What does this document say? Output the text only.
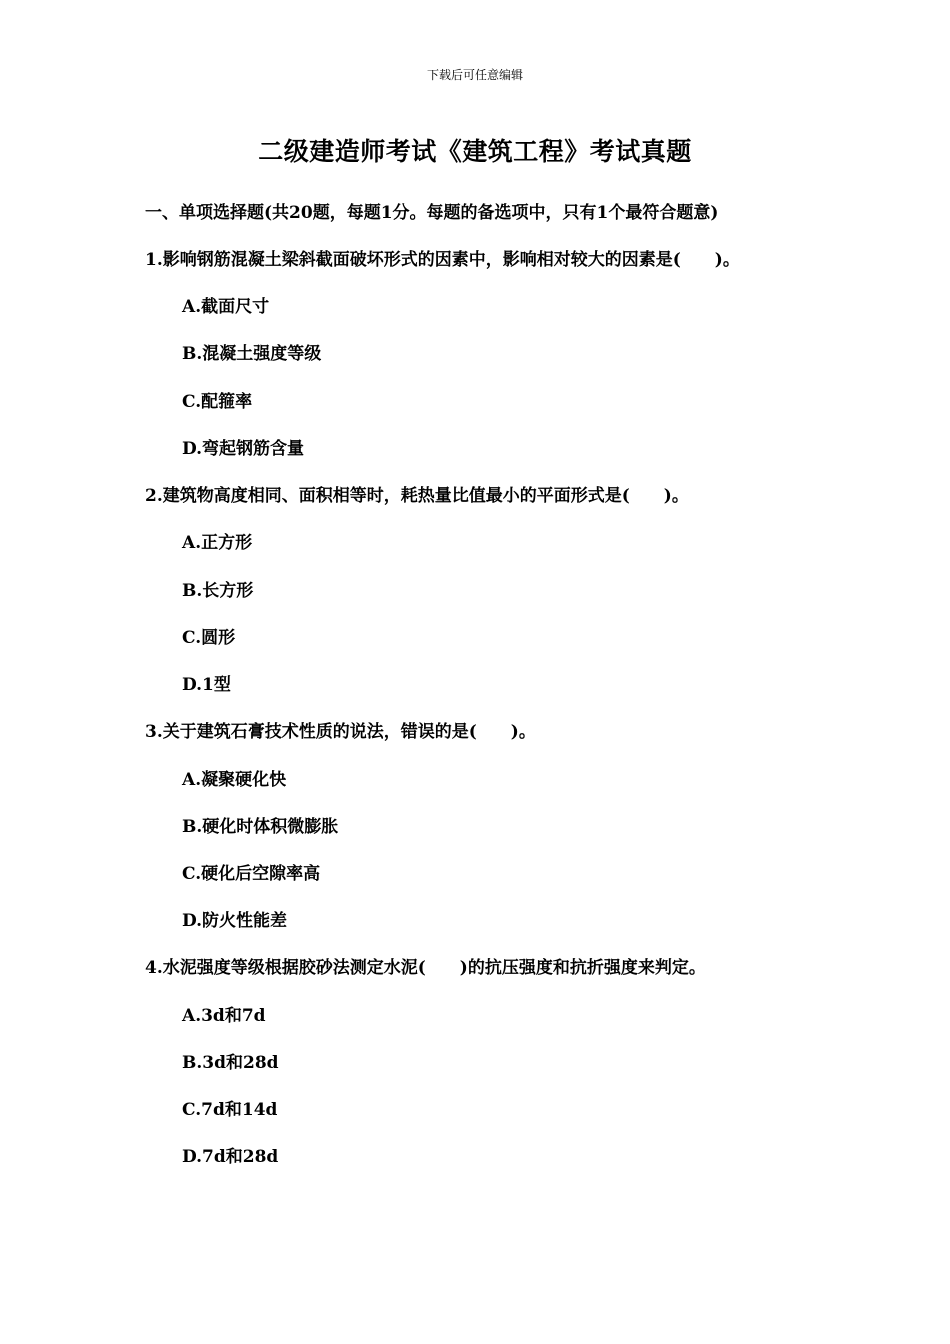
下载后可任意编辑
二级建造师考试《建筑工程》考试真题
一、单项选择题(共20题，每题1分。每题的备选项中，只有1个最符合题意)
1.影响钢筋混凝土梁斜截面破坏形式的因素中，影响相对较大的因素是(　　)。
A.截面尺寸
B.混凝土强度等级
C.配箍率
D.弯起钢筋含量
2.建筑物高度相同、面积相等时，耗热量比值最小的平面形式是(　　)。
A.正方形
B.长方形
C.圆形
D.1型
3.关于建筑石膏技术性质的说法，错误的是(　　)。
A.凝聚硬化快
B.硬化时体积微膨胀
C.硬化后空隙率高
D.防火性能差
4.水泥强度等级根据胶砂法测定水泥(　　)的抗压强度和抗折强度来判定。
A.3d和7d
B.3d和28d
C.7d和14d
D.7d和28d
